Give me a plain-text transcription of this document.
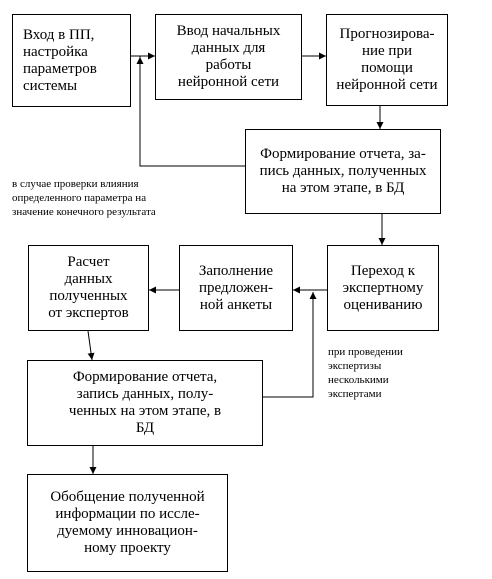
Вход в ПП,
настройка
параметров
системы
Ввод начальных
данных для
работы
нейронной сети
Прогнозирова-
ние при
помощи
нейронной сети
Формирование отчета, за-
пись данных, полученных
на этом этапе, в БД
в случае проверки влияния
определенного параметра на
значение конечного результата
Переход к
экспертному
оцениванию
Заполнение
предложен-
ной анкеты
Расчет
данных
полученных
от экспертов
при проведении
экспертизы
несколькими
экспертами
Формирование отчета,
запись данных, полу-
ченных на этом этапе, в
БД
Обобщение полученной
информации по иссле-
дуемому инновацион-
ному проекту
